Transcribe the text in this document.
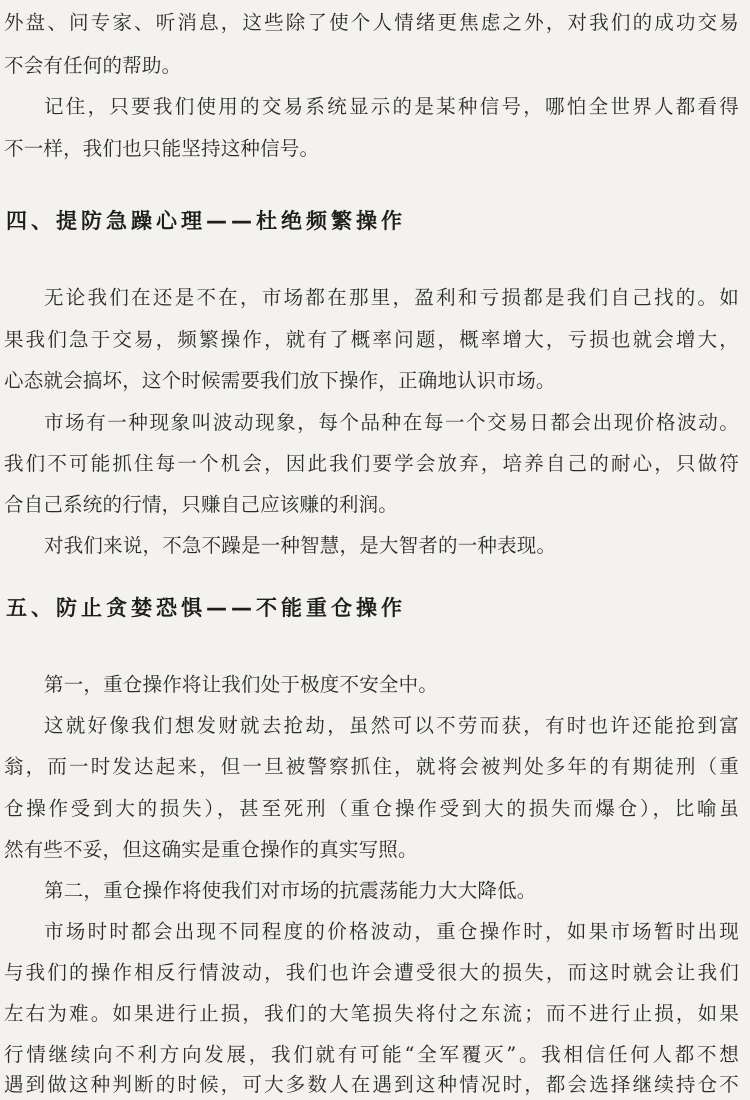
外盘、问专家、听消息，这些除了使个人情绪更焦虑之外，对我们的成功交易
不会有任何的帮助。
记住，只要我们使用的交易系统显示的是某种信号，哪怕全世界人都看得
不一样，我们也只能坚持这种信号。
四、提防急躁心理——杜绝频繁操作
无论我们在还是不在，市场都在那里，盈利和亏损都是我们自己找的。如
果我们急于交易，频繁操作，就有了概率问题，概率增大，亏损也就会增大，
心态就会搞坏，这个时候需要我们放下操作，正确地认识市场。
市场有一种现象叫波动现象，每个品种在每一个交易日都会出现价格波动。
我们不可能抓住每一个机会，因此我们要学会放弃，培养自己的耐心，只做符
合自己系统的行情，只赚自己应该赚的利润。
对我们来说，不急不躁是一种智慧，是大智者的一种表现。
五、防止贪婪恐惧——不能重仓操作
第一，重仓操作将让我们处于极度不安全中。
这就好像我们想发财就去抢劫，虽然可以不劳而获，有时也许还能抢到富
翁，而一时发达起来，但一旦被警察抓住，就将会被判处多年的有期徒刑（重
仓操作受到大的损失），甚至死刑（重仓操作受到大的损失而爆仓），比喻虽
然有些不妥，但这确实是重仓操作的真实写照。
第二，重仓操作将使我们对市场的抗震荡能力大大降低。
市场时时都会出现不同程度的价格波动，重仓操作时，如果市场暂时出现
与我们的操作相反行情波动，我们也许会遭受很大的损失，而这时就会让我们
左右为难。如果进行止损，我们的大笔损失将付之东流；而不进行止损，如果
行情继续向不利方向发展，我们就有可能“全军覆灭”。我相信任何人都不想
遇到做这种判断的时候，可大多数人在遇到这种情况时，都会选择继续持仓不
